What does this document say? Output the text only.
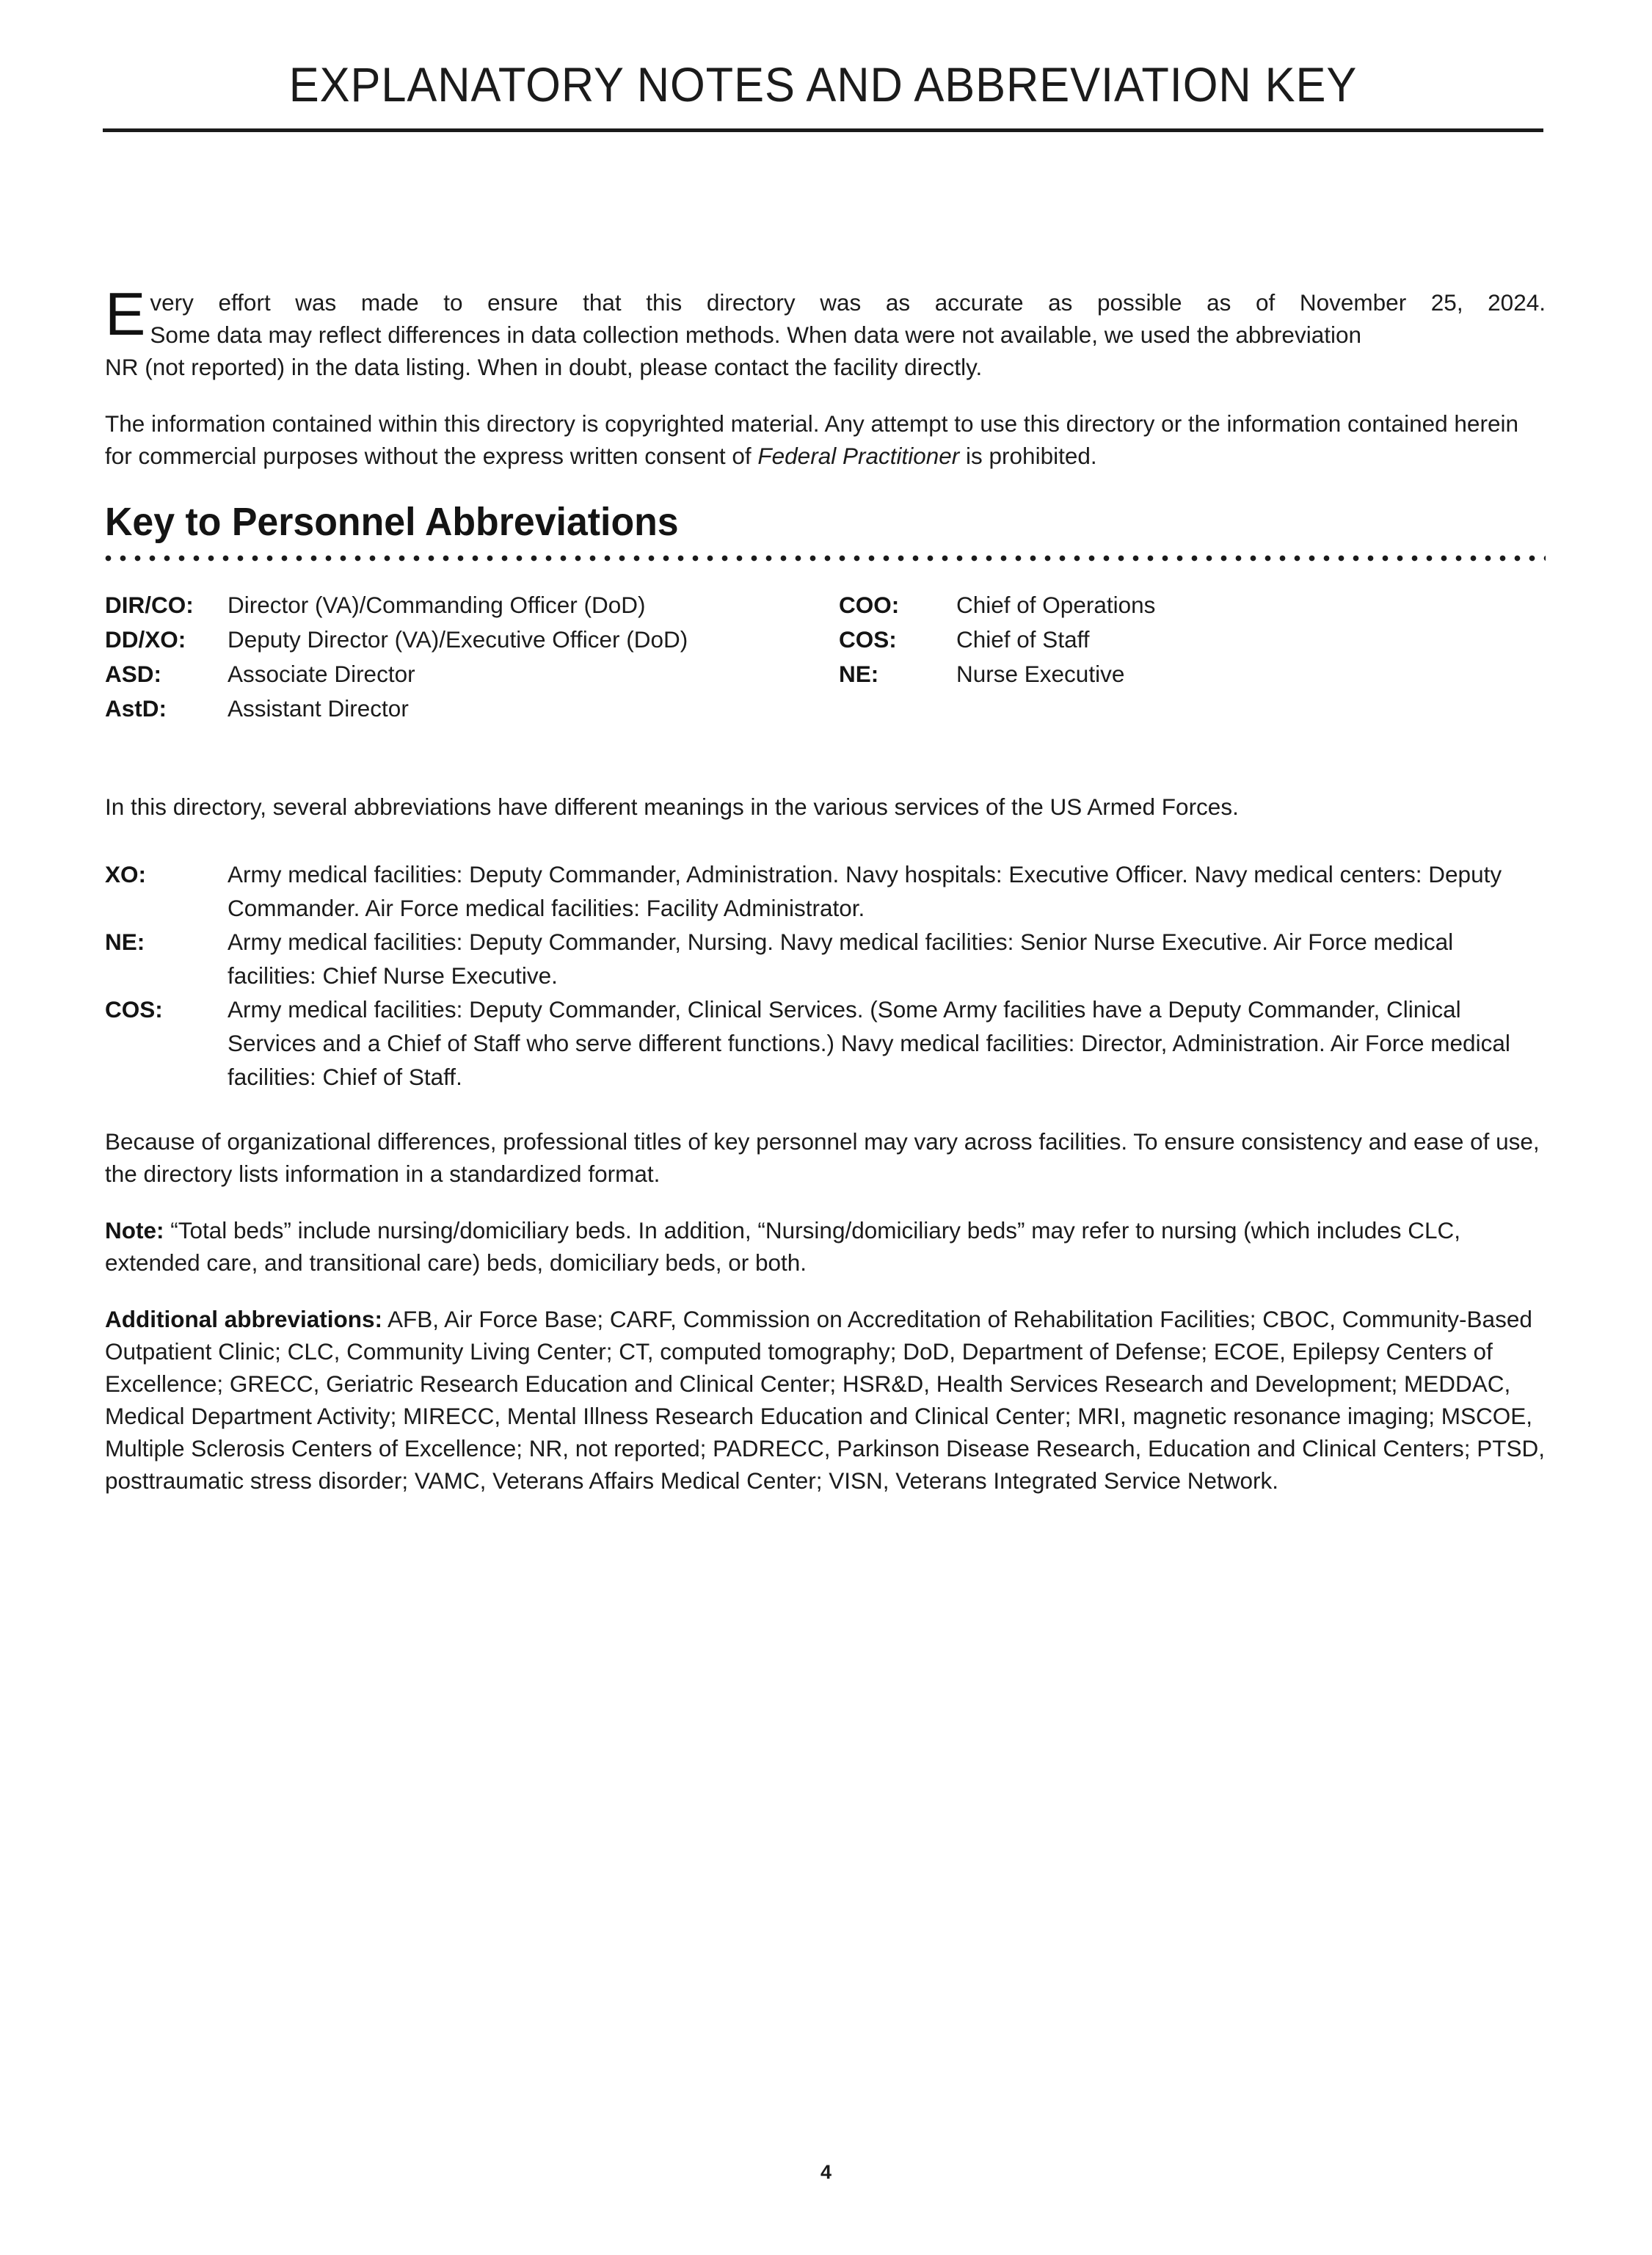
EXPLANATORY NOTES AND ABBREVIATION KEY
E very effort was made to ensure that this directory was as accurate as possible as of November 25, 2024.
Some data may reflect differences in data collection methods. When data were not available, we used the abbreviation
NR (not reported) in the data listing. When in doubt, please contact the facility directly.

The information contained within this directory is copyrighted material. Any attempt to use this directory or the information contained herein for commercial purposes without the express written consent of Federal Practitioner is prohibited.

Key to Personnel Abbreviations
DIR/CO:	Director (VA)/Commanding Officer (DoD)
DD/XO:	Deputy Director (VA)/Executive Officer (DoD)
ASD:	Associate Director
AstD:	Assistant Director
COO:	Chief of Operations
COS:	Chief of Staff
NE:	Nurse Executive

In this directory, several abbreviations have different meanings in the various services of the US Armed Forces.

XO:	Army medical facilities: Deputy Commander, Administration. Navy hospitals: Executive Officer. Navy medical centers: Deputy Commander. Air Force medical facilities: Facility Administrator.
NE:	Army medical facilities: Deputy Commander, Nursing. Navy medical facilities: Senior Nurse Executive. Air Force medical facilities: Chief Nurse Executive.
COS:	Army medical facilities: Deputy Commander, Clinical Services. (Some Army facilities have a Deputy Commander, Clinical Services and a Chief of Staff who serve different functions.) Navy medical facilities: Director, Administration. Air Force medical facilities: Chief of Staff.

Because of organizational differences, professional titles of key personnel may vary across facilities. To ensure consistency and ease of use, the directory lists information in a standardized format.

Note: “Total beds” include nursing/domiciliary beds. In addition, “Nursing/domiciliary beds” may refer to nursing (which includes CLC, extended care, and transitional care) beds, domiciliary beds, or both.

Additional abbreviations: AFB, Air Force Base; CARF, Commission on Accreditation of Rehabilitation Facilities; CBOC, Community-Based Outpatient Clinic; CLC, Community Living Center; CT, computed tomography; DoD, Department of Defense; ECOE, Epilepsy Centers of Excellence; GRECC, Geriatric Research Education and Clinical Center; HSR&D, Health Services Research and Development; MEDDAC, Medical Department Activity; MIRECC, Mental Illness Research Education and Clinical Center; MRI, magnetic resonance imaging; MSCOE, Multiple Sclerosis Centers of Excellence; NR, not reported; PADRECC, Parkinson Disease Research, Education and Clinical Centers; PTSD, posttraumatic stress disorder; VAMC, Veterans Affairs Medical Center; VISN, Veterans Integrated Service Network.

4
